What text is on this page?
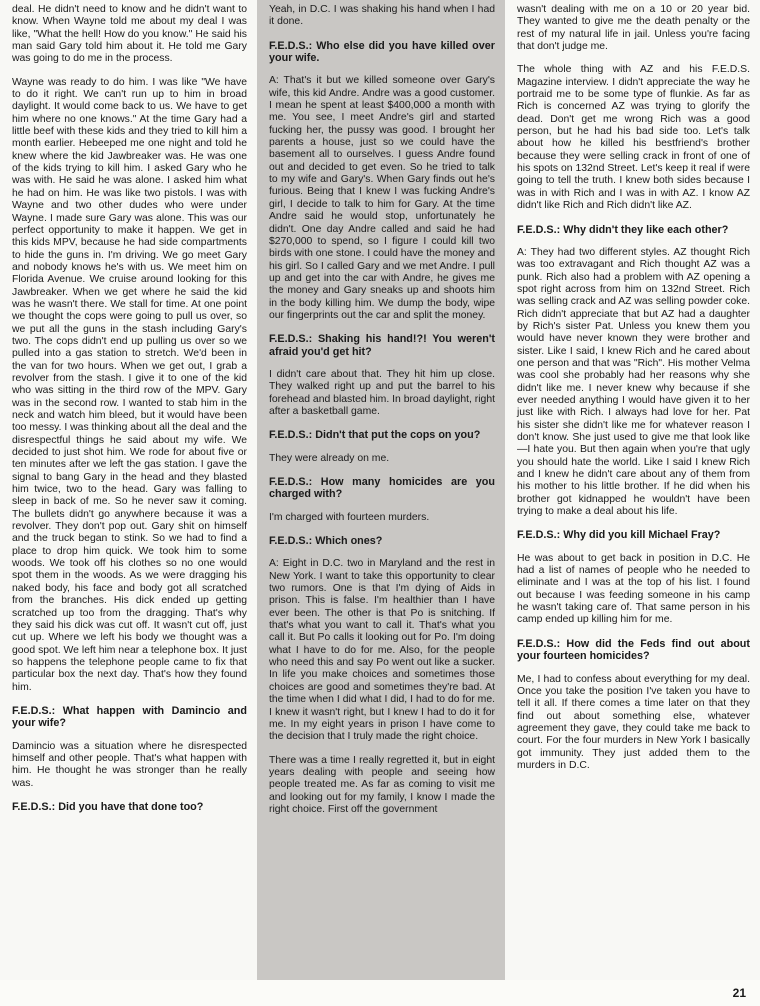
deal. He didn't need to know and he didn't want to know. When Wayne told me about my deal I was like, "What the hell! How do you know." He said his man said Gary told him about it. He told me Gary was going to do me in the process.

Wayne was ready to do him. I was like "We have to do it right. We can't run up to him in broad daylight. It would come back to us. We have to get him where no one knows." At the time Gary had a little beef with these kids and they tried to kill him a month earlier. Hebeeped me one night and told he knew where the kid Jawbreaker was. He was one of the kids trying to kill him. I asked Gary who he was with. He said he was alone. I asked him what he had on him. He was like two pistols. I was with Wayne and two other dudes who were under Wayne. I made sure Gary was alone. This was our perfect opportunity to make it happen. We get in this kids MPV, because he had side compartments to hide the guns in. I'm driving. We go meet Gary and nobody knows he's with us. We meet him on Florida Avenue. We cruise around looking for this Jawbreaker. When we get where he said the kid was he wasn't there. We stall for time. At one point we thought the cops were going to pull us over, so we put all the guns in the stash including Gary's two. The cops didn't end up pulling us over so we pulled into a gas station to stretch. We'd been in the van for two hours. When we get out, I grab a revolver from the stash. I give it to one of the kid who was sitting in the third row of the MPV. Gary was in the second row. I wanted to stab him in the neck and watch him bleed, but it would have been too messy. I was thinking about all the deal and the disrespectful things he said about my wife. We decided to just shot him. We rode for about five or ten minutes after we left the gas station. I gave the signal to bang Gary in the head and they blasted him twice, two to the head. Gary was falling to sleep in back of me. So he never saw it coming. The bullets didn't go anywhere because it was a revolver. They don't pop out. Gary shit on himself and the truck began to stink. So we had to find a place to drop him quick. We took him to some woods. We took off his clothes so no one would spot them in the woods. As we were dragging his naked body, his face and body got all scratched from the branches. His dick ended up getting scratched up too from the dragging. That's why they said his dick was cut off. It wasn't cut off, just cut up. Where we left his body we thought was a good spot. We left him near a telephone box. It just so happens the telephone people came to fix that particular box the next day. That's how they found him.

F.E.D.S.: What happen with Damincio and your wife?

Damincio was a situation where he disrespected himself and other people. That's what happen with him. He thought he was stronger than he really was.

F.E.D.S.: Did you have that done too?

Yeah, in D.C. I was shaking his hand when I had it done.

F.E.D.S.: Who else did you have killed over your wife.

A: That's it but we killed someone over Gary's wife, this kid Andre. Andre was a good customer. I mean he spent at least $400,000 a month with me. You see, I meet Andre's girl and started fucking her, the pussy was good. I brought her parents a house, just so we could have the basement all to ourselves. I guess Andre found out and decided to get even. So he tried to talk to my wife and Gary's. When Gary finds out he's furious. Being that I knew I was fucking Andre's girl, I decide to talk to him for Gary. At the time Andre said he would stop, unfortunately he didn't. One day Andre called and said he had $270,000 to spend, so I figure I could kill two birds with one stone. I could have the money and his girl. So I called Gary and we met Andre. I pull up and get into the car with Andre, he gives me the money and Gary sneaks up and shoots him in the body killing him. We dump the body, wipe our fingerprints out the car and split the money.

F.E.D.S.: Shaking his hand!?! You weren't afraid you'd get hit?

I didn't care about that. They hit him up close. They walked right up and put the barrel to his forehead and blasted him. In broad daylight, right after a basketball game.

F.E.D.S.: Didn't that put the cops on you?

They were already on me.

F.E.D.S.: How many homicides are you charged with?

I'm charged with fourteen murders.

F.E.D.S.: Which ones?

A: Eight in D.C. two in Maryland and the rest in New York. I want to take this opportunity to clear two rumors. One is that I'm dying of Aids in prison. This is false. I'm healthier than I have ever been. The other is that Po is snitching. If that's what you want to call it. That's what you call it. But Po calls it looking out for Po. I'm doing what I have to do for me. Also, for the people who need this and say Po went out like a sucker. In life you make choices and sometimes those choices are good and sometimes they're bad. At the time when I did what I did, I had to do for me. I knew it wasn't right, but I knew I had to do it for me. In my eight years in prison I have come to the decision that I truly made the right choice.

There was a time I really regretted it, but in eight years dealing with people and seeing how people treated me. As far as coming to visit me and looking out for my family, I know I made the right choice. First off the government

wasn't dealing with me on a 10 or 20 year bid. They wanted to give me the death penalty or the rest of my natural life in jail. Unless you're facing that don't judge me.

The whole thing with AZ and his F.E.D.S. Magazine interview. I didn't appreciate the way he portraid me to be some type of flunkie. As far as Rich is concerned AZ was trying to glorify the dead. Don't get me wrong Rich was a good person, but he had his bad side too. Let's talk about how he killed his bestfriend's brother because they were selling crack in front of one of his spots on 132nd Street. Let's keep it real if were going to tell the truth. I knew both sides because I was in with Rich and I was in with AZ. I know AZ didn't like Rich and Rich didn't like AZ.

F.E.D.S.: Why didn't they like each other?

A: They had two different styles. AZ thought Rich was too extravagant and Rich thought AZ was a punk. Rich also had a problem with AZ opening a spot right across from him on 132nd Street. Rich was selling crack and AZ was selling powder coke. Rich didn't appreciate that but AZ had a daughter by Rich's sister Pat. Unless you knew them you would have never known they were brother and sister. Like I said, I knew Rich and he cared about one person and that was "Rich". His mother Velma was cool she probably had her reasons why she didn't like me. I never knew why because if she ever needed anything I would have given it to her just like with Rich. I always had love for her. Pat his sister she didn't like me for whatever reason I don't know. She just used to give me that look like—I hate you. But then again when you're that ugly you should hate the world. Like I said I knew Rich and I knew he didn't care about any of them from his mother to his little brother. If he did when his brother got kidnapped he wouldn't have been trying to make a deal about his life.

F.E.D.S.: Why did you kill Michael Fray?

He was about to get back in position in D.C. He had a list of names of people who he needed to eliminate and I was at the top of his list. I found out because I was feeding someone in his camp he wasn't taking care of. That same person in his camp ended up killing him for me.

F.E.D.S.: How did the Feds find out about your fourteen homicides?

Me, I had to confess about everything for my deal. Once you take the position I've taken you have to tell it all. If there comes a time later on that they find out about something else, whatever agreement they gave, they could take me back to court. For the four murders in New York I basically got immunity. They just added them to the murders in D.C.

21
